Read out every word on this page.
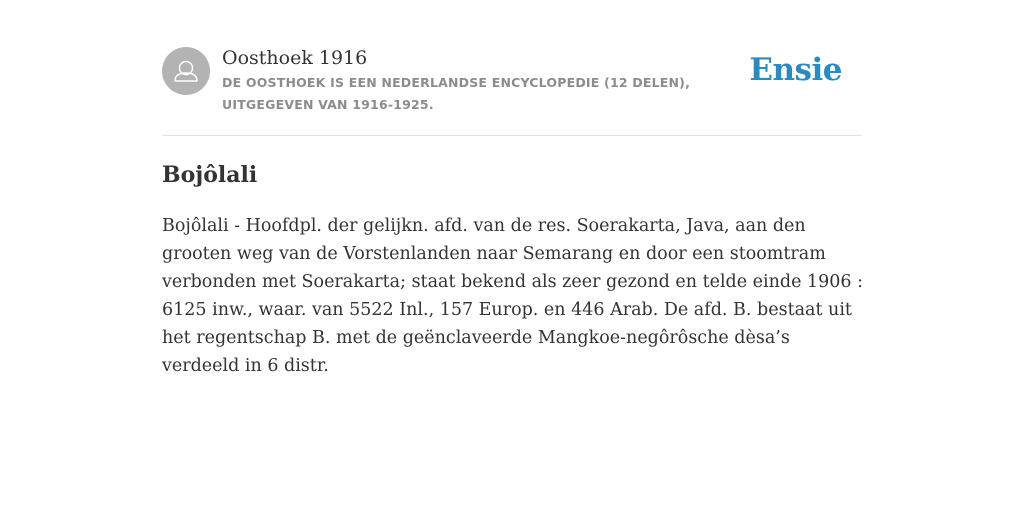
Oosthoek 1916
DE OOSTHOEK IS EEN NEDERLANDSE ENCYCLOPEDIE (12 DELEN), UITGEGEVEN VAN 1916-1925.
Ensie
Bojôlali

Bojôlali - Hoofdpl. der gelijkn. afd. van de res. Soerakarta, Java, aan den grooten weg van de Vorstenlanden naar Semarang en door een stoomtram verbonden met Soerakarta; staat bekend als zeer gezond en telde einde 1906 : 6125 inw., waar. van 5522 Inl., 157 Europ. en 446 Arab. De afd. B. bestaat uit het regentschap B. met de geënclaveerde Mangkoe-negôrôsche dèsa’s verdeeld in 6 distr.
